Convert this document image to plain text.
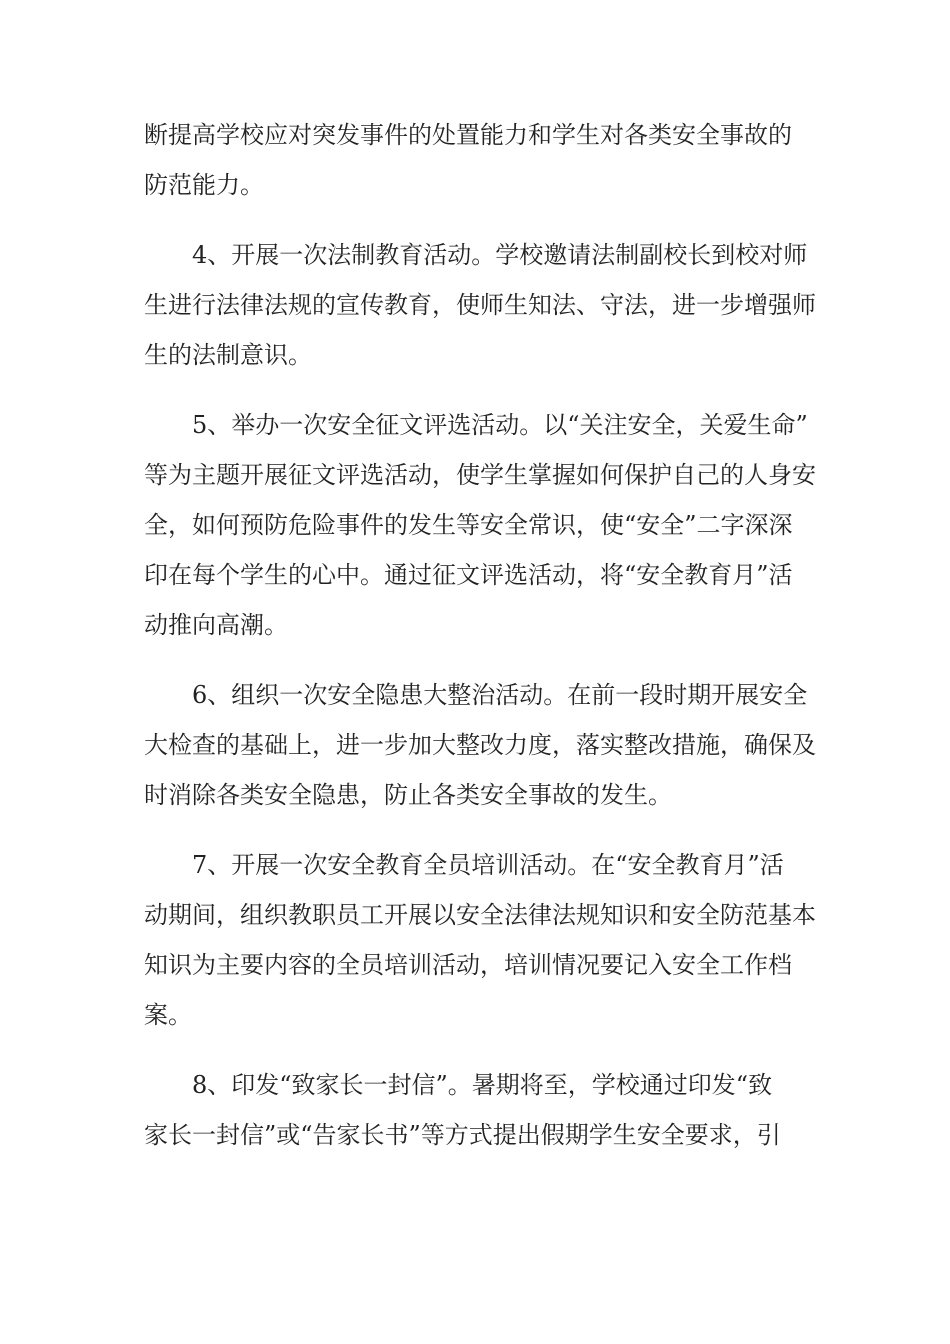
断提高学校应对突发事件的处置能力和学生对各类安全事故的
防范能力。
4、开展一次法制教育活动。学校邀请法制副校长到校对师
生进行法律法规的宣传教育，使师生知法、守法，进一步增强师
生的法制意识。
5、举办一次安全征文评选活动。以“关注安全，关爱生命”
等为主题开展征文评选活动，使学生掌握如何保护自己的人身安
全，如何预防危险事件的发生等安全常识，使“安全”二字深深
印在每个学生的心中。通过征文评选活动，将“安全教育月”活
动推向高潮。
6、组织一次安全隐患大整治活动。在前一段时期开展安全
大检查的基础上，进一步加大整改力度，落实整改措施，确保及
时消除各类安全隐患，防止各类安全事故的发生。
7、开展一次安全教育全员培训活动。在“安全教育月”活
动期间，组织教职员工开展以安全法律法规知识和安全防范基本
知识为主要内容的全员培训活动，培训情况要记入安全工作档
案。
8、印发“致家长一封信”。暑期将至，学校通过印发“致
家长一封信”或“告家长书”等方式提出假期学生安全要求，引
